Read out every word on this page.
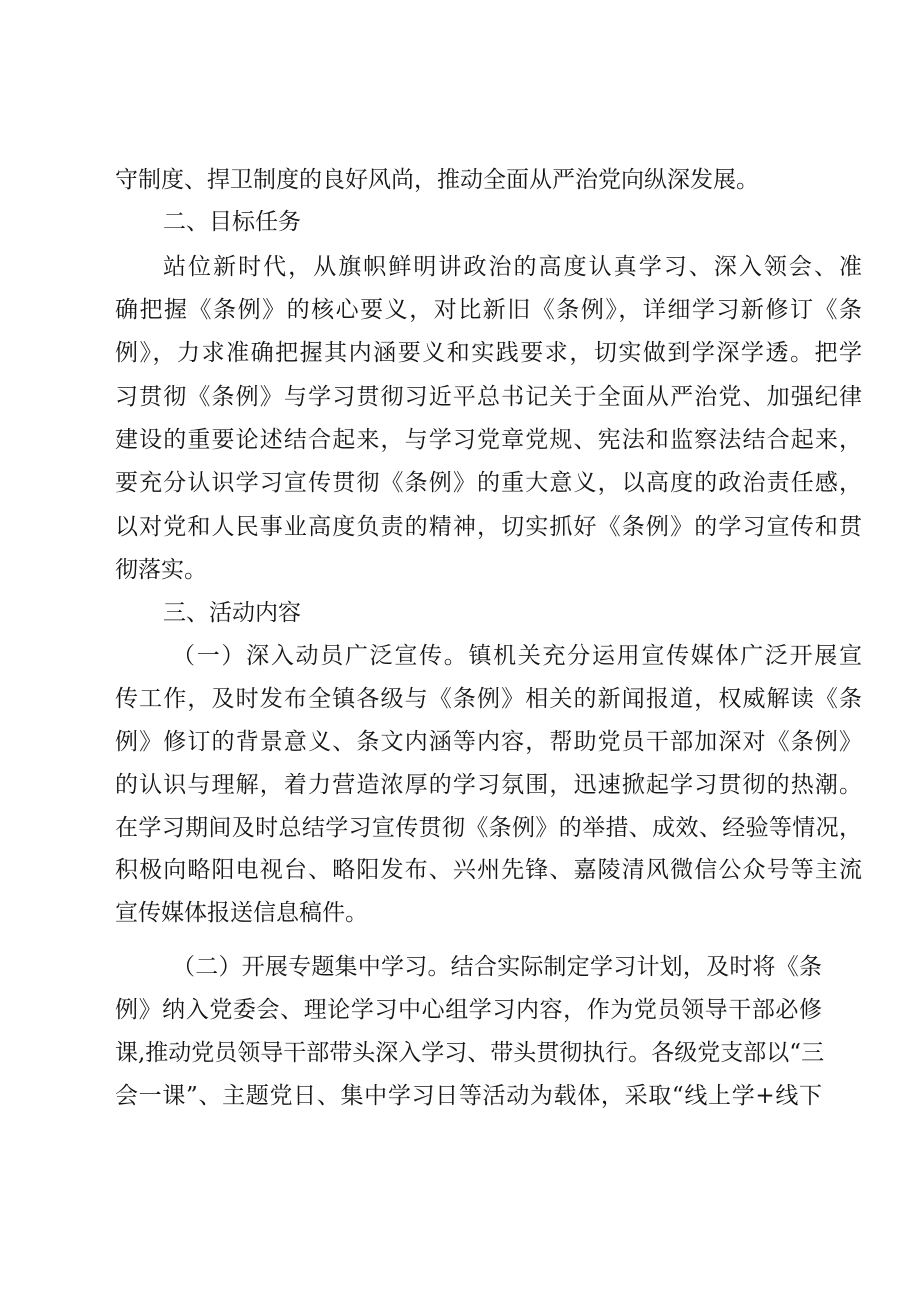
守制度、捍卫制度的良好风尚，推动全面从严治党向纵深发展。
二、目标任务
站位新时代，从旗帜鲜明讲政治的高度认真学习、深入领会、准
确把握《条例》的核心要义，对比新旧《条例》，详细学习新修订《条
例》，力求准确把握其内涵要义和实践要求，切实做到学深学透。把学
习贯彻《条例》与学习贯彻习近平总书记关于全面从严治党、加强纪律
建设的重要论述结合起来，与学习党章党规、宪法和监察法结合起来，
要充分认识学习宣传贯彻《条例》的重大意义，以高度的政治责任感，
以对党和人民事业高度负责的精神，切实抓好《条例》的学习宣传和贯
彻落实。
三、活动内容
（一）深入动员广泛宣传。镇机关充分运用宣传媒体广泛开展宣
传工作，及时发布全镇各级与《条例》相关的新闻报道，权威解读《条
例》修订的背景意义、条文内涵等内容，帮助党员干部加深对《条例》
的认识与理解，着力营造浓厚的学习氛围，迅速掀起学习贯彻的热潮。
在学习期间及时总结学习宣传贯彻《条例》的举措、成效、经验等情况，
积极向略阳电视台、略阳发布、兴州先锋、嘉陵清风微信公众号等主流
宣传媒体报送信息稿件。
（二）开展专题集中学习。结合实际制定学习计划，及时将《条
例》纳入党委会、理论学习中心组学习内容，作为党员领导干部必修
课,推动党员领导干部带头深入学习、带头贯彻执行。各级党支部以“三
会一课”、主题党日、集中学习日等活动为载体，采取“线上学+线下
